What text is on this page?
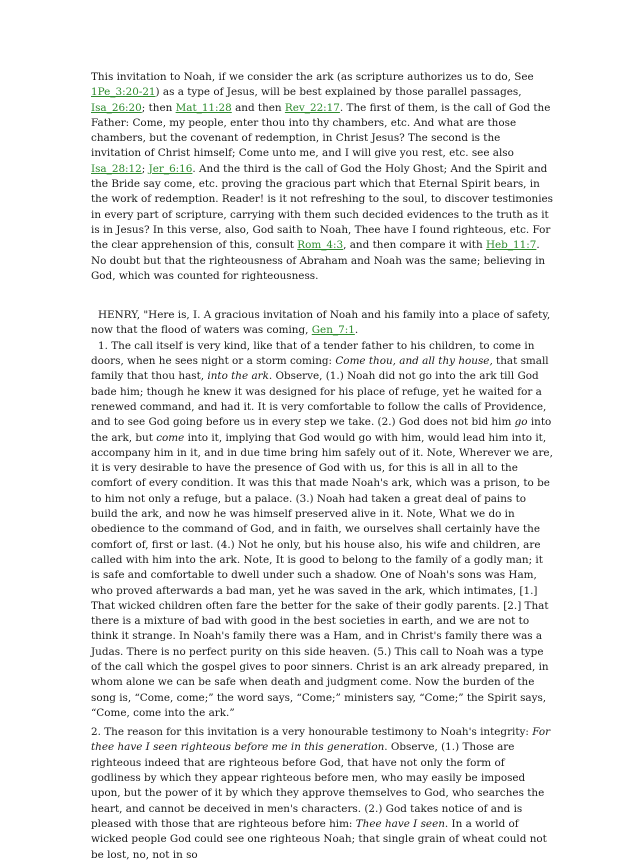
This invitation to Noah, if we consider the ark (as scripture authorizes us to do, See 1Pe_3:20-21) as a type of Jesus, will be best explained by those parallel passages, Isa_26:20; then Mat_11:28 and then Rev_22:17. The first of them, is the call of God the Father: Come, my people, enter thou into thy chambers, etc. And what are those chambers, but the covenant of redemption, in Christ Jesus? The second is the invitation of Christ himself; Come unto me, and I will give you rest, etc. see also Isa_28:12; Jer_6:16. And the third is the call of God the Holy Ghost; And the Spirit and the Bride say come, etc. proving the gracious part which that Eternal Spirit bears, in the work of redemption. Reader! is it not refreshing to the soul, to discover testimonies in every part of scripture, carrying with them such decided evidences to the truth as it is in Jesus? In this verse, also, God saith to Noah, Thee have I found righteous, etc. For the clear apprehension of this, consult Rom_4:3, and then compare it with Heb_11:7. No doubt but that the righteousness of Abraham and Noah was the same; believing in God, which was counted for righteousness.

HENRY, "Here is, I. A gracious invitation of Noah and his family into a place of safety, now that the flood of waters was coming, Gen_7:1.

1. The call itself is very kind, like that of a tender father to his children, to come in doors, when he sees night or a storm coming: Come thou, and all thy house, that small family that thou hast, into the ark. Observe, (1.) Noah did not go into the ark till God bade him; though he knew it was designed for his place of refuge, yet he waited for a renewed command, and had it. It is very comfortable to follow the calls of Providence, and to see God going before us in every step we take. (2.) God does not bid him go into the ark, but come into it, implying that God would go with him, would lead him into it, accompany him in it, and in due time bring him safely out of it. Note, Wherever we are, it is very desirable to have the presence of God with us, for this is all in all to the comfort of every condition. It was this that made Noah's ark, which was a prison, to be to him not only a refuge, but a palace. (3.) Noah had taken a great deal of pains to build the ark, and now he was himself preserved alive in it. Note, What we do in obedience to the command of God, and in faith, we ourselves shall certainly have the comfort of, first or last. (4.) Not he only, but his house also, his wife and children, are called with him into the ark. Note, It is good to belong to the family of a godly man; it is safe and comfortable to dwell under such a shadow. One of Noah's sons was Ham, who proved afterwards a bad man, yet he was saved in the ark, which intimates, [1.] That wicked children often fare the better for the sake of their godly parents. [2.] That there is a mixture of bad with good in the best societies in earth, and we are not to think it strange. In Noah's family there was a Ham, and in Christ's family there was a Judas. There is no perfect purity on this side heaven. (5.) This call to Noah was a type of the call which the gospel gives to poor sinners. Christ is an ark already prepared, in whom alone we can be safe when death and judgment come. Now the burden of the song is, “Come, come;” the word says, “Come;” ministers say, “Come;” the Spirit says, “Come, come into the ark.”

2. The reason for this invitation is a very honourable testimony to Noah's integrity: For thee have I seen righteous before me in this generation. Observe, (1.) Those are righteous indeed that are righteous before God, that have not only the form of godliness by which they appear righteous before men, who may easily be imposed upon, but the power of it by which they approve themselves to God, who searches the heart, and cannot be deceived in men's characters. (2.) God takes notice of and is pleased with those that are righteous before him: Thee have I seen. In a world of wicked people God could see one righteous Noah; that single grain of wheat could not be lost, no, not in so
